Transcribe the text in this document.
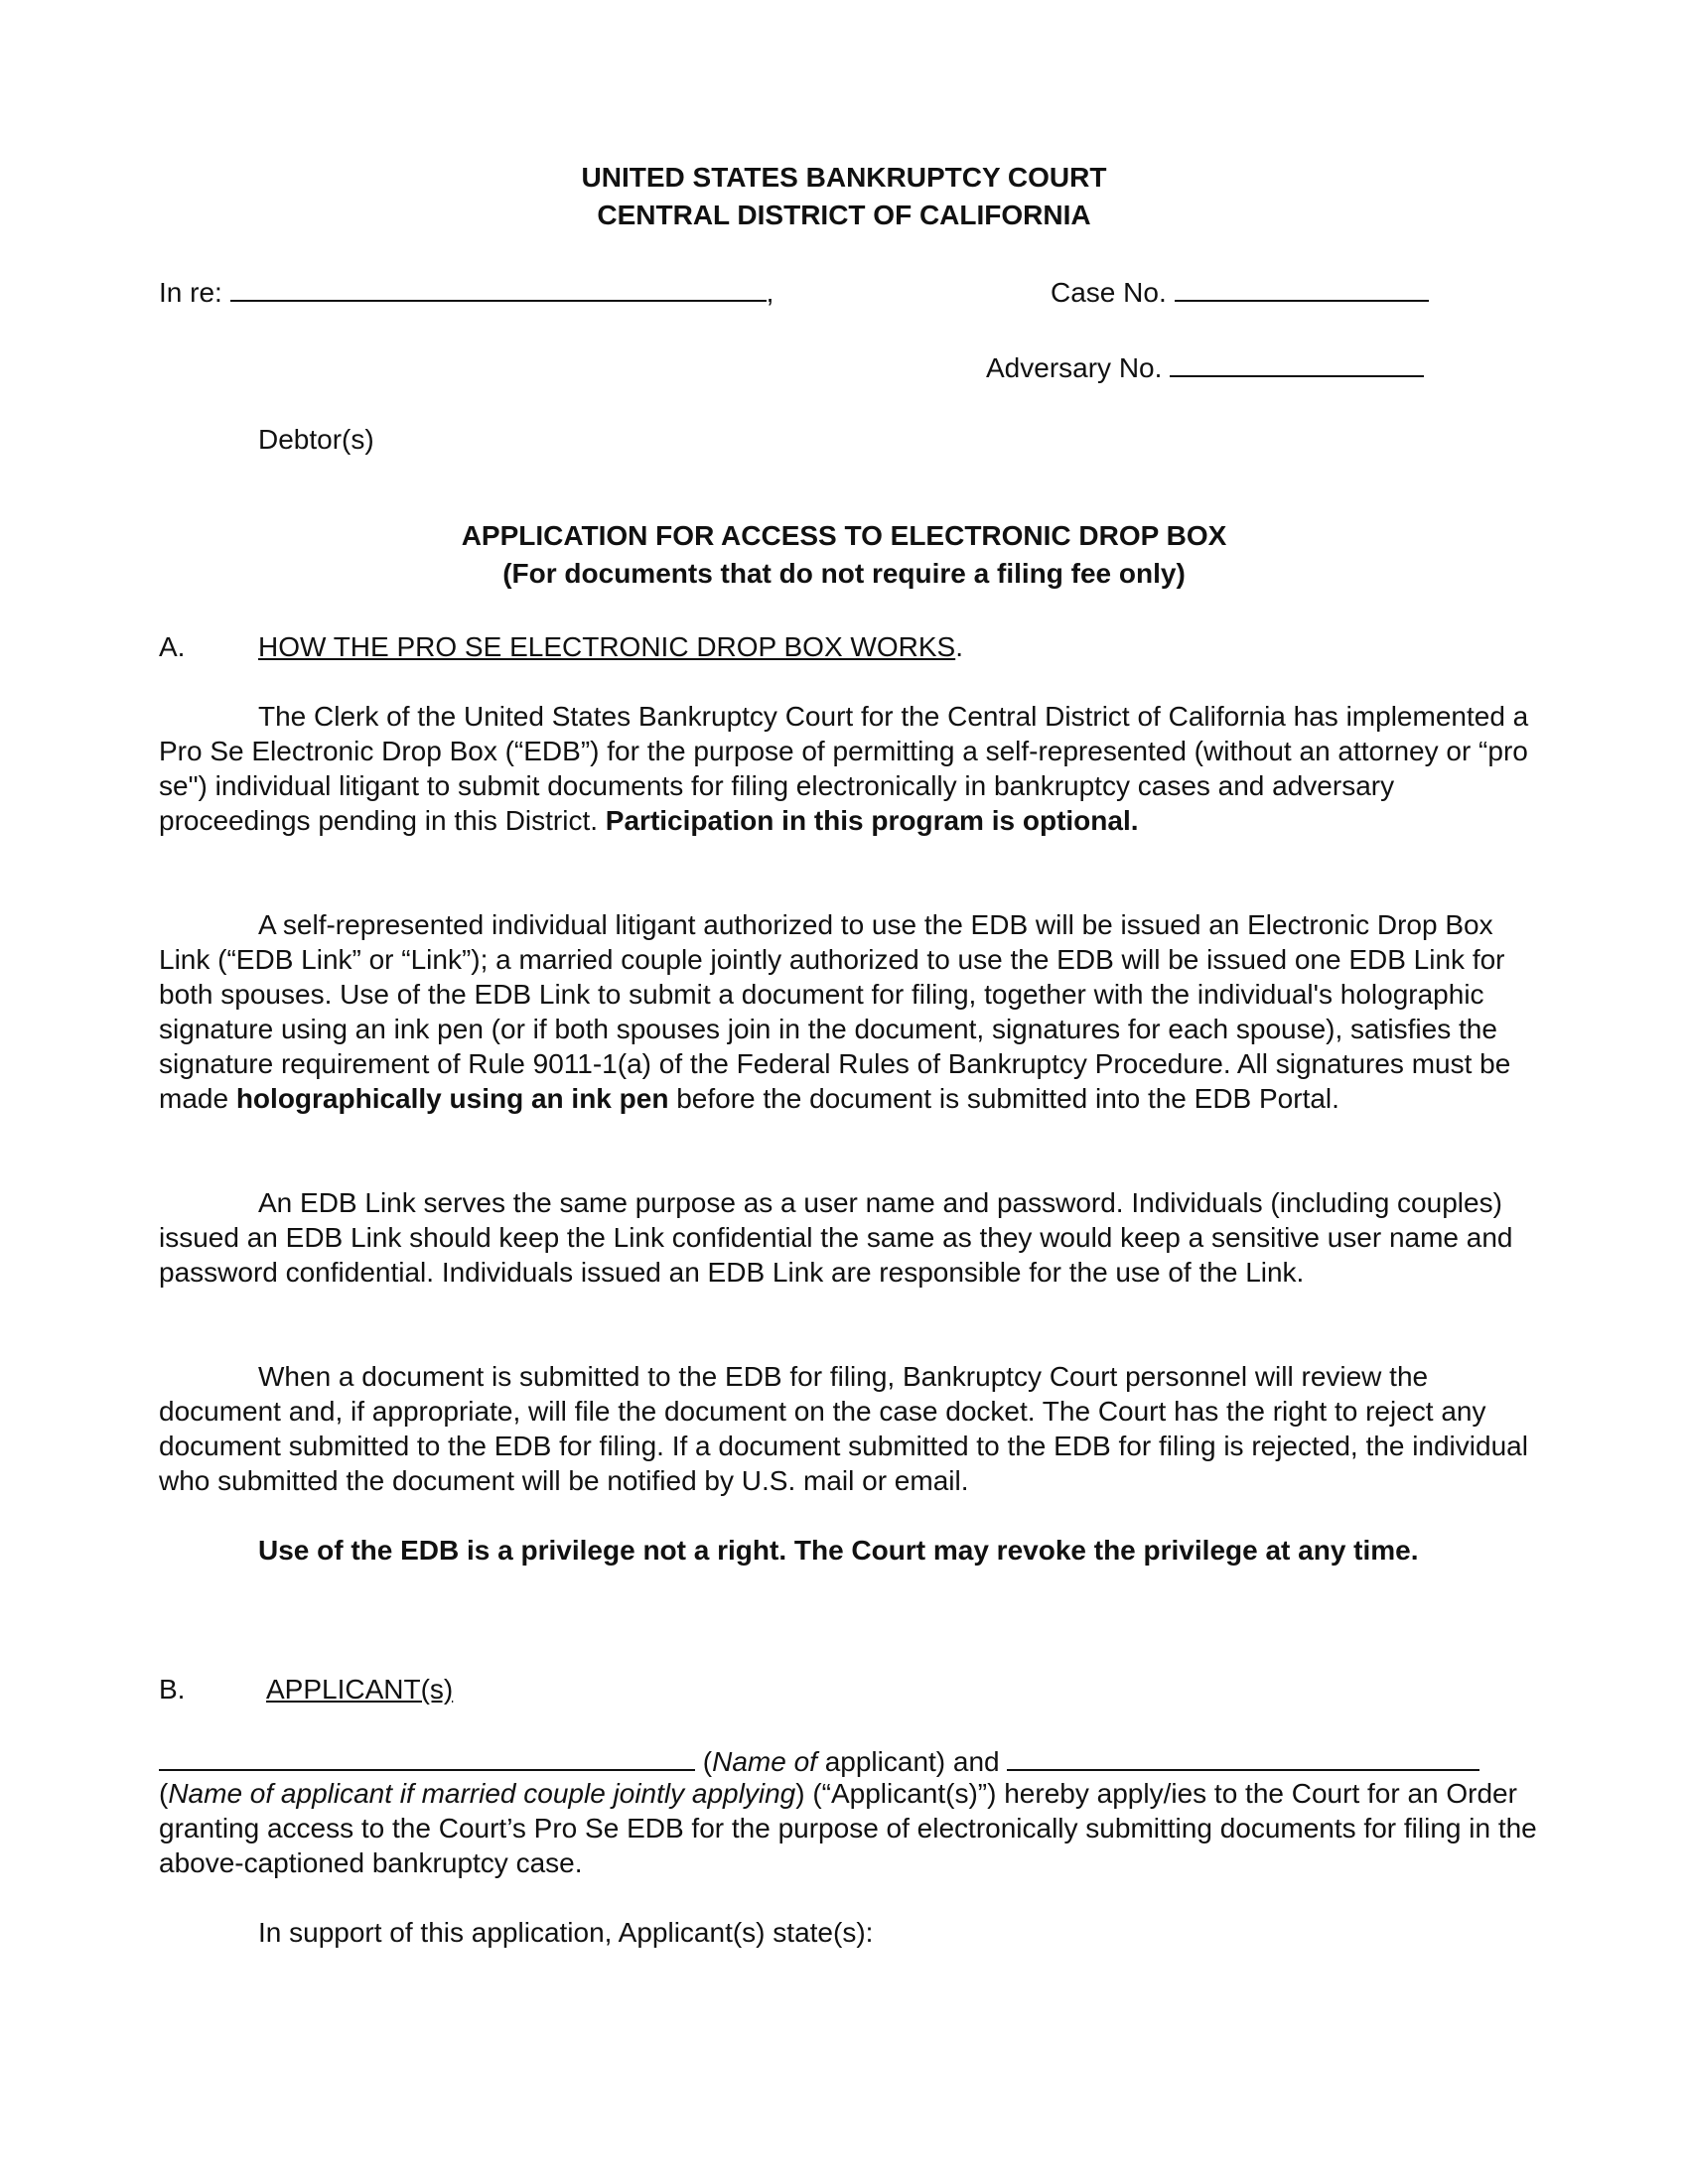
UNITED STATES BANKRUPTCY COURT
CENTRAL DISTRICT OF CALIFORNIA
In re:	,	Case No.
Adversary No.
Debtor(s)
APPLICATION FOR ACCESS TO ELECTRONIC DROP BOX
(For documents that do not require a filing fee only)
A.	HOW THE PRO SE ELECTRONIC DROP BOX WORKS.

The Clerk of the United States Bankruptcy Court for the Central District of California has implemented a Pro Se Electronic Drop Box (“EDB”) for the purpose of permitting a self-represented (without an attorney or “pro se") individual litigant to submit documents for filing electronically in bankruptcy cases and adversary proceedings pending in this District. Participation in this program is optional.

A self-represented individual litigant authorized to use the EDB will be issued an Electronic Drop Box Link (“EDB Link” or “Link”); a married couple jointly authorized to use the EDB will be issued one EDB Link for both spouses. Use of the EDB Link to submit a document for filing, together with the individual's holographic signature using an ink pen (or if both spouses join in the document, signatures for each spouse), satisfies the signature requirement of Rule 9011-1(a) of the Federal Rules of Bankruptcy Procedure. All signatures must be made holographically using an ink pen before the document is submitted into the EDB Portal.

An EDB Link serves the same purpose as a user name and password. Individuals (including couples) issued an EDB Link should keep the Link confidential the same as they would keep a sensitive user name and password confidential. Individuals issued an EDB Link are responsible for the use of the Link.

When a document is submitted to the EDB for filing, Bankruptcy Court personnel will review the document and, if appropriate, will file the document on the case docket. The Court has the right to reject any document submitted to the EDB for filing. If a document submitted to the EDB for filing is rejected, the individual who submitted the document will be notified by U.S. mail or email.

Use of the EDB is a privilege not a right. The Court may revoke the privilege at any time.
B.	APPLICANT(s)
(Name of applicant) and

(Name of applicant if married couple jointly applying) (“Applicant(s)”) hereby apply/ies to the Court for an Order granting access to the Court’s Pro Se EDB for the purpose of electronically submitting documents for filing in the above-captioned bankruptcy case.

In support of this application, Applicant(s) state(s):
